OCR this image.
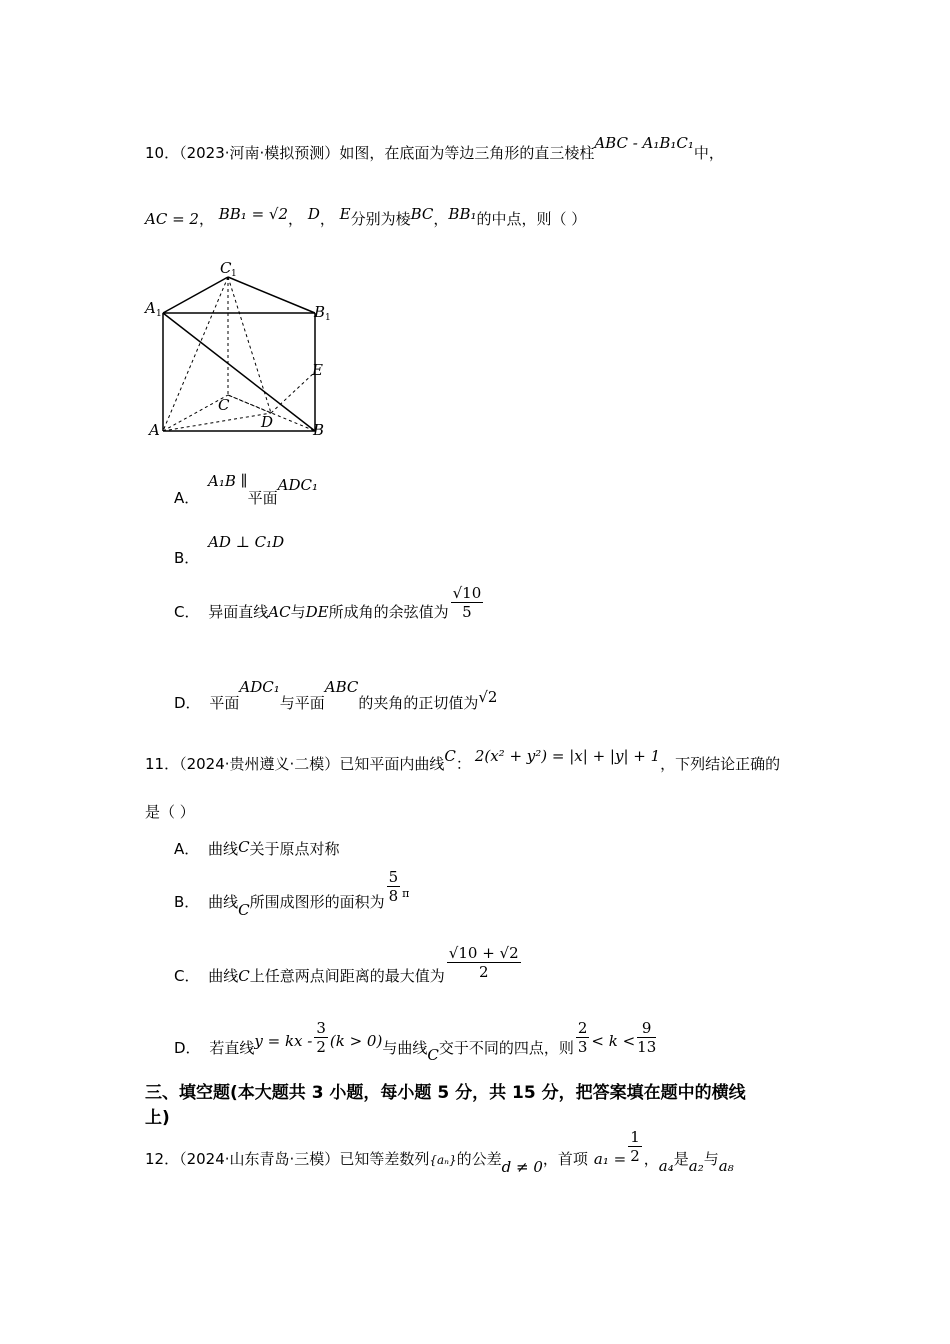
10．（2023·河南·模拟预测）如图，在底面为等边三角形的直三棱柱ABC - A₁B₁C₁中，
AC = 2， BB₁ = √2， D， E分别为棱BC，BB₁的中点，则（ ）
C 1
A 1	B 1
E
C
A	D	B
A． A₁B ∥平面ADC₁
B． AD ⊥ C₁D
C． 异面直线AC与DE所成角的余弦值为 $\frac{√10}{5}$
D． 平面ADC₁与平面ABC的夹角的正切值为√2
11．（2024·贵州遵义·二模）已知平面内曲线C： 2(x² + y²) = |x| + |y| + 1，下列结论正确的
是（ ）
A． 曲线C关于原点对称
B． 曲线C所围成图形的面积为 $\frac{5}{8} _\pi$
C． 曲线C上任意两点间距离的最大值为 $\frac{√10 + √2}{2}$
D． 若直线y = kx - $\frac{3}{2} (k > 0)$与曲线C交于不同的四点，则 $\frac{2}{3} < k < \frac{9}{13}$
三、填空题(本大题共 3 小题，每小题 5 分，共 15 分，把答案填在题中的横线
上)
12．（2024·山东青岛·三模）已知等差数列$_{\{a_n\}}$的公差d ≠ 0，首项 $a_1 = \frac{1}{2}$ ，a₄是a₂与a₈
